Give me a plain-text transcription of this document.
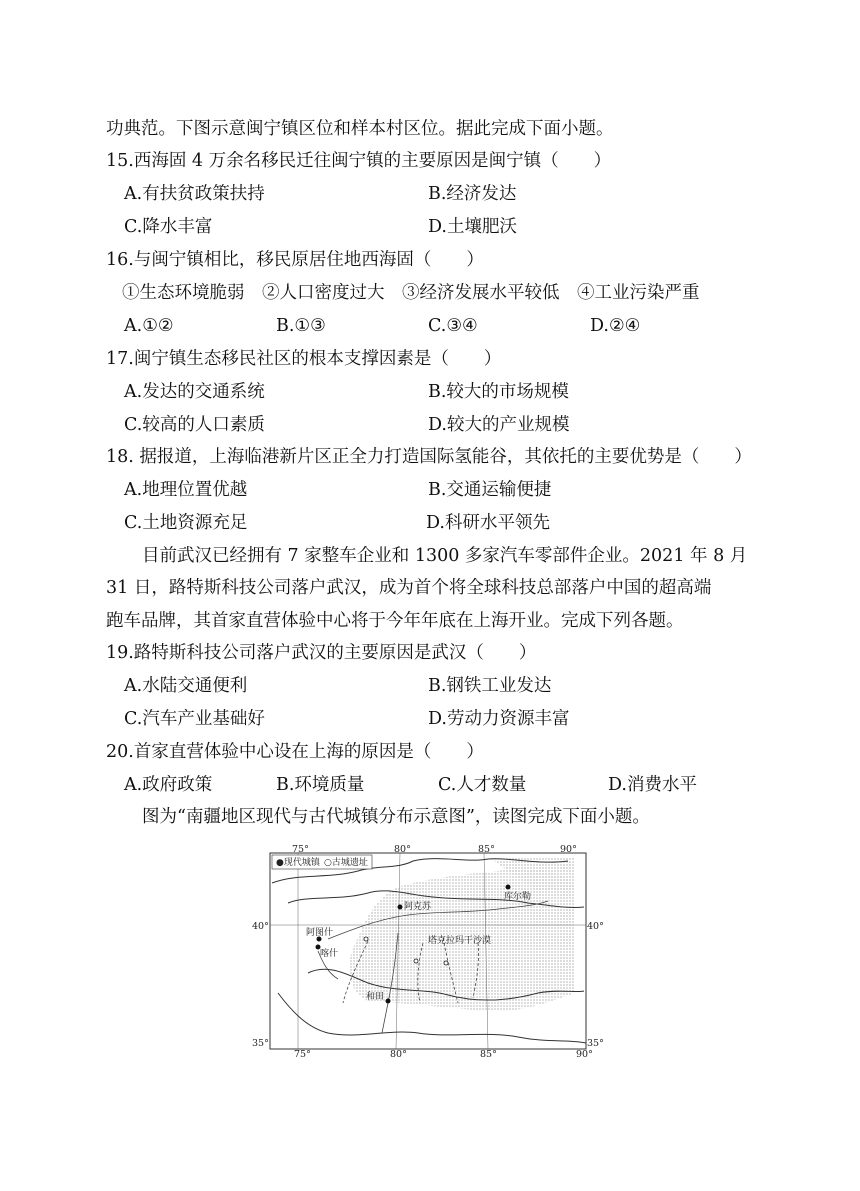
功典范。下图示意闽宁镇区位和样本村区位。据此完成下面小题。
15.西海固 4 万余名移民迁往闽宁镇的主要原因是闽宁镇（　　）
A.有扶贫政策扶持	B.经济发达
C.降水丰富	D.土壤肥沃
16.与闽宁镇相比，移民原居住地西海固（　　）
①生态环境脆弱　②人口密度过大　③经济发展水平较低　④工业污染严重
A.①②	B.①③	C.③④	D.②④
17.闽宁镇生态移民社区的根本支撑因素是（　　）
A.发达的交通系统	B.较大的市场规模
C.较高的人口素质	D.较大的产业规模
18. 据报道，上海临港新片区正全力打造国际氢能谷，其依托的主要优势是（　　）
A.地理位置优越	B.交通运输便捷
C.土地资源充足	D.科研水平领先
目前武汉已经拥有 7 家整车企业和 1300 多家汽车零部件企业。2021 年 8 月
31 日，路特斯科技公司落户武汉，成为首个将全球科技总部落户中国的超高端
跑车品牌，其首家直营体验中心将于今年年底在上海开业。完成下列各题。
19.路特斯科技公司落户武汉的主要原因是武汉（　　）
A.水陆交通便利	B.钢铁工业发达
C.汽车产业基础好	D.劳动力资源丰富
20.首家直营体验中心设在上海的原因是（　　）
A.政府政策	B.环境质量	C.人才数量	D.消费水平
图为“南疆地区现代与古代城镇分布示意图”，读图完成下面小题。
●现代城镇 ○古城遗址
75°	80°	85°	90°
75°	80°	85°	90°
40°
35°
40°
35°
阿克苏
库尔勒
阿图什
喀什
和田
塔克拉玛干沙漠
